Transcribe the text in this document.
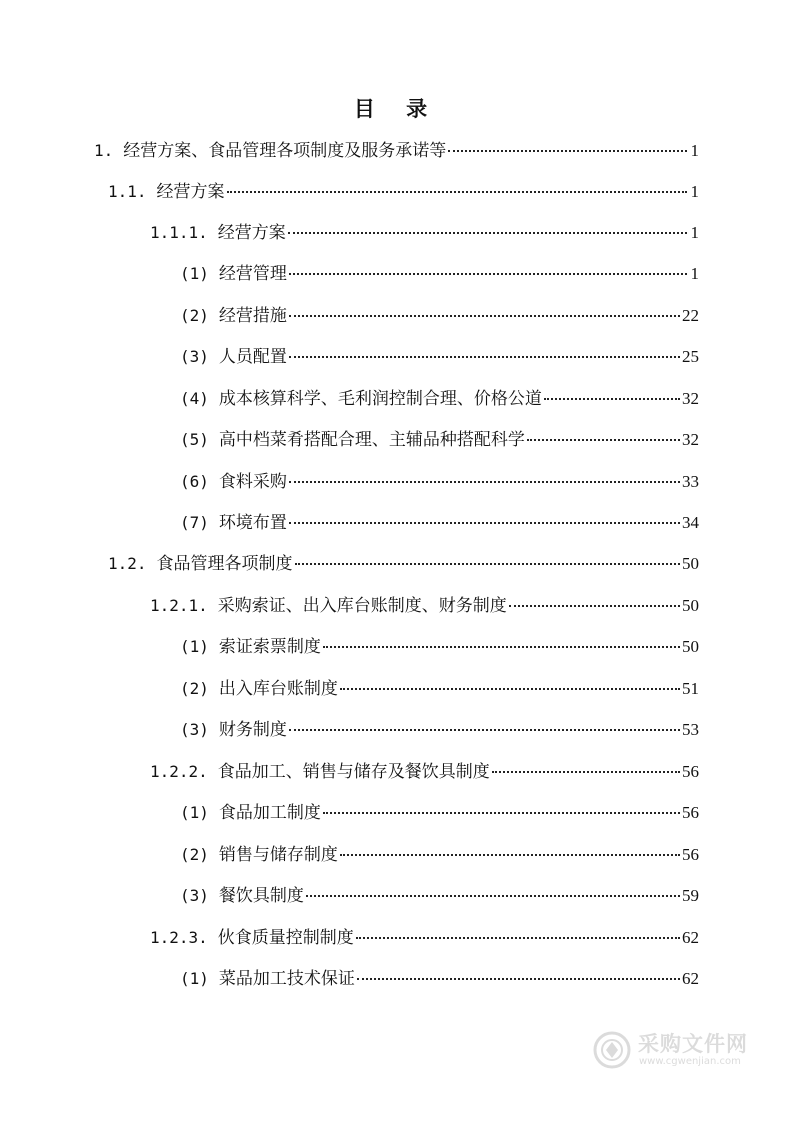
目 录
1. 经营方案、食品管理各项制度及服务承诺等	1
1.1. 经营方案	1
1.1.1. 经营方案	1
(1) 经营管理	1
(2) 经营措施	22
(3) 人员配置	25
(4) 成本核算科学、毛利润控制合理、价格公道	32
(5) 高中档菜肴搭配合理、主辅品种搭配科学	32
(6) 食料采购	33
(7) 环境布置	34
1.2. 食品管理各项制度	50
1.2.1. 采购索证、出入库台账制度、财务制度	50
(1) 索证索票制度	50
(2) 出入库台账制度	51
(3) 财务制度	53
1.2.2. 食品加工、销售与储存及餐饮具制度	56
(1) 食品加工制度	56
(2) 销售与储存制度	56
(3) 餐饮具制度	59
1.2.3. 伙食质量控制制度	62
(1) 菜品加工技术保证	62
采购文件网
www.cgwenjian.com
